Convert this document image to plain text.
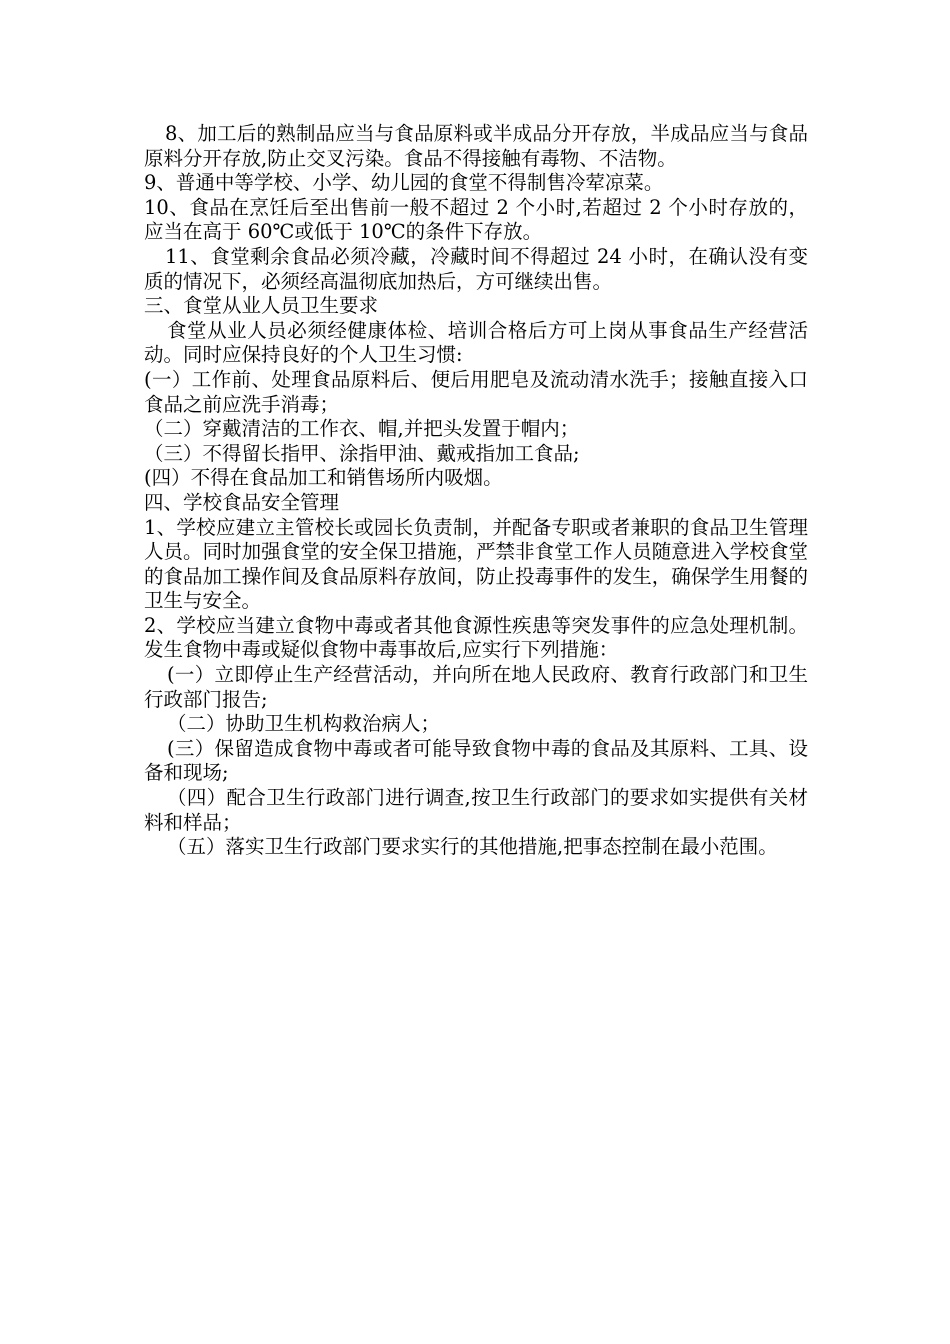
8、加工后的熟制品应当与食品原料或半成品分开存放，半成品应当与食品原料分开存放,防止交叉污染。食品不得接触有毒物、不洁物。

9、普通中等学校、小学、幼儿园的食堂不得制售冷荤凉菜。

10、食品在烹饪后至出售前一般不超过 2 个小时,若超过 2 个小时存放的，应当在高于 60℃或低于 10℃的条件下存放。

11、食堂剩余食品必须冷藏，冷藏时间不得超过 24 小时，在确认没有变质的情况下，必须经高温彻底加热后，方可继续出售。

三、食堂从业人员卫生要求

食堂从业人员必须经健康体检、培训合格后方可上岗从事食品生产经营活动。同时应保持良好的个人卫生习惯:

(一）工作前、处理食品原料后、便后用肥皂及流动清水洗手；接触直接入口食品之前应洗手消毒；

（二）穿戴清洁的工作衣、帽,并把头发置于帽内；

（三）不得留长指甲、涂指甲油、戴戒指加工食品;

(四）不得在食品加工和销售场所内吸烟。

四、学校食品安全管理

1、学校应建立主管校长或园长负责制，并配备专职或者兼职的食品卫生管理人员。同时加强食堂的安全保卫措施，严禁非食堂工作人员随意进入学校食堂的食品加工操作间及食品原料存放间，防止投毒事件的发生，确保学生用餐的卫生与安全。

2、学校应当建立食物中毒或者其他食源性疾患等突发事件的应急处理机制。发生食物中毒或疑似食物中毒事故后,应实行下列措施：

(一）立即停止生产经营活动，并向所在地人民政府、教育行政部门和卫生行政部门报告;

（二）协助卫生机构救治病人；

(三）保留造成食物中毒或者可能导致食物中毒的食品及其原料、工具、设备和现场;

（四）配合卫生行政部门进行调查,按卫生行政部门的要求如实提供有关材料和样品；

（五）落实卫生行政部门要求实行的其他措施,把事态控制在最小范围。
